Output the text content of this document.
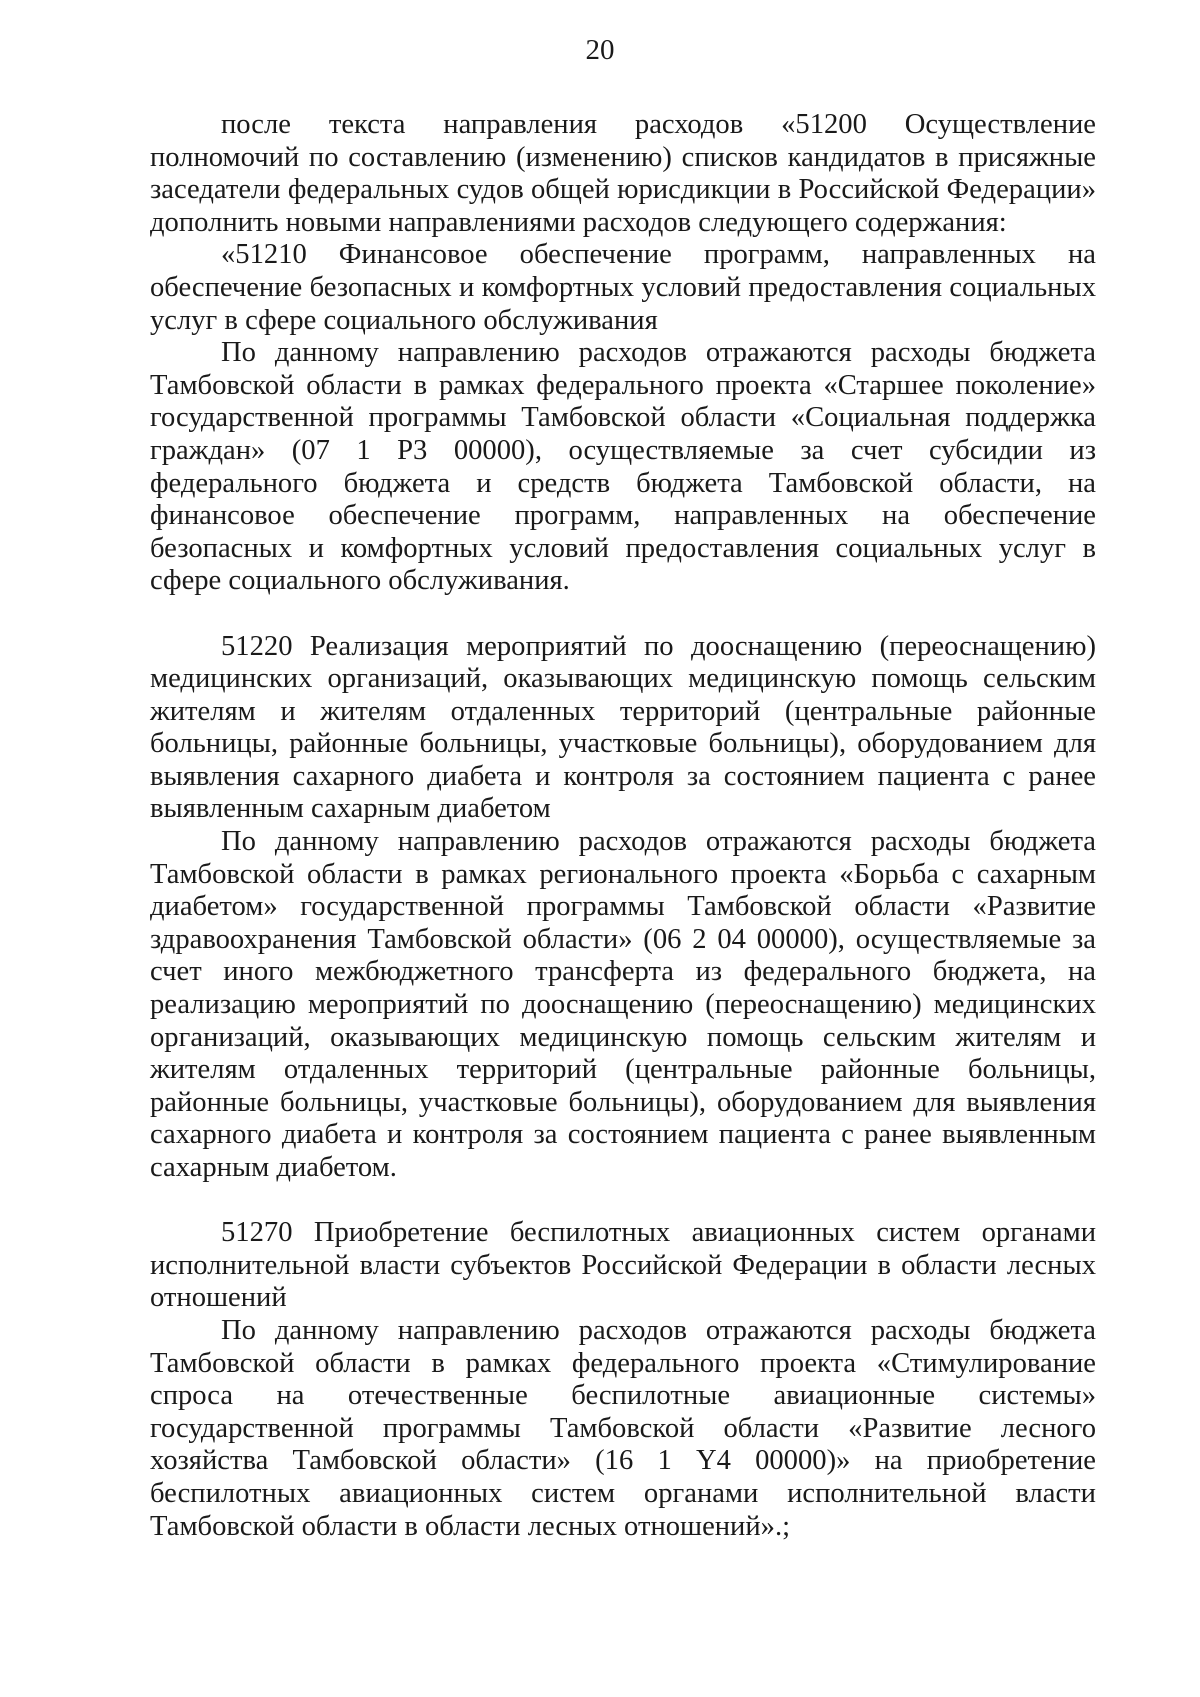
20

после текста направления расходов «51200 Осуществление полномочий по составлению (изменению) списков кандидатов в присяжные заседатели федеральных судов общей юрисдикции в Российской Федерации» дополнить новыми направлениями расходов следующего содержания:

«51210 Финансовое обеспечение программ, направленных на обеспечение безопасных и комфортных условий предоставления социальных услуг в сфере социального обслуживания

По данному направлению расходов отражаются расходы бюджета Тамбовской области в рамках федерального проекта «Старшее поколение» государственной программы Тамбовской области «Социальная поддержка граждан» (07 1 P3 00000), осуществляемые за счет субсидии из федерального бюджета и средств бюджета Тамбовской области, на финансовое обеспечение программ, направленных на обеспечение безопасных и комфортных условий предоставления социальных услуг в сфере социального обслуживания.

51220 Реализация мероприятий по дооснащению (переоснащению) медицинских организаций, оказывающих медицинскую помощь сельским жителям и жителям отдаленных территорий (центральные районные больницы, районные больницы, участковые больницы), оборудованием для выявления сахарного диабета и контроля за состоянием пациента с ранее выявленным сахарным диабетом

По данному направлению расходов отражаются расходы бюджета Тамбовской области в рамках регионального проекта «Борьба с сахарным диабетом» государственной программы Тамбовской области «Развитие здравоохранения Тамбовской области» (06 2 04 00000), осуществляемые за счет иного межбюджетного трансферта из федерального бюджета, на реализацию мероприятий по дооснащению (переоснащению) медицинских организаций, оказывающих медицинскую помощь сельским жителям и жителям отдаленных территорий (центральные районные больницы, районные больницы, участковые больницы), оборудованием для выявления сахарного диабета и контроля за состоянием пациента с ранее выявленным сахарным диабетом.

51270 Приобретение беспилотных авиационных систем органами исполнительной власти субъектов Российской Федерации в области лесных отношений

По данному направлению расходов отражаются расходы бюджета Тамбовской области в рамках федерального проекта «Стимулирование спроса на отечественные беспилотные авиационные системы» государственной программы Тамбовской области «Развитие лесного хозяйства Тамбовской области» (16 1 Y4 00000)» на приобретение беспилотных авиационных систем органами исполнительной власти Тамбовской области в области лесных отношений».;
